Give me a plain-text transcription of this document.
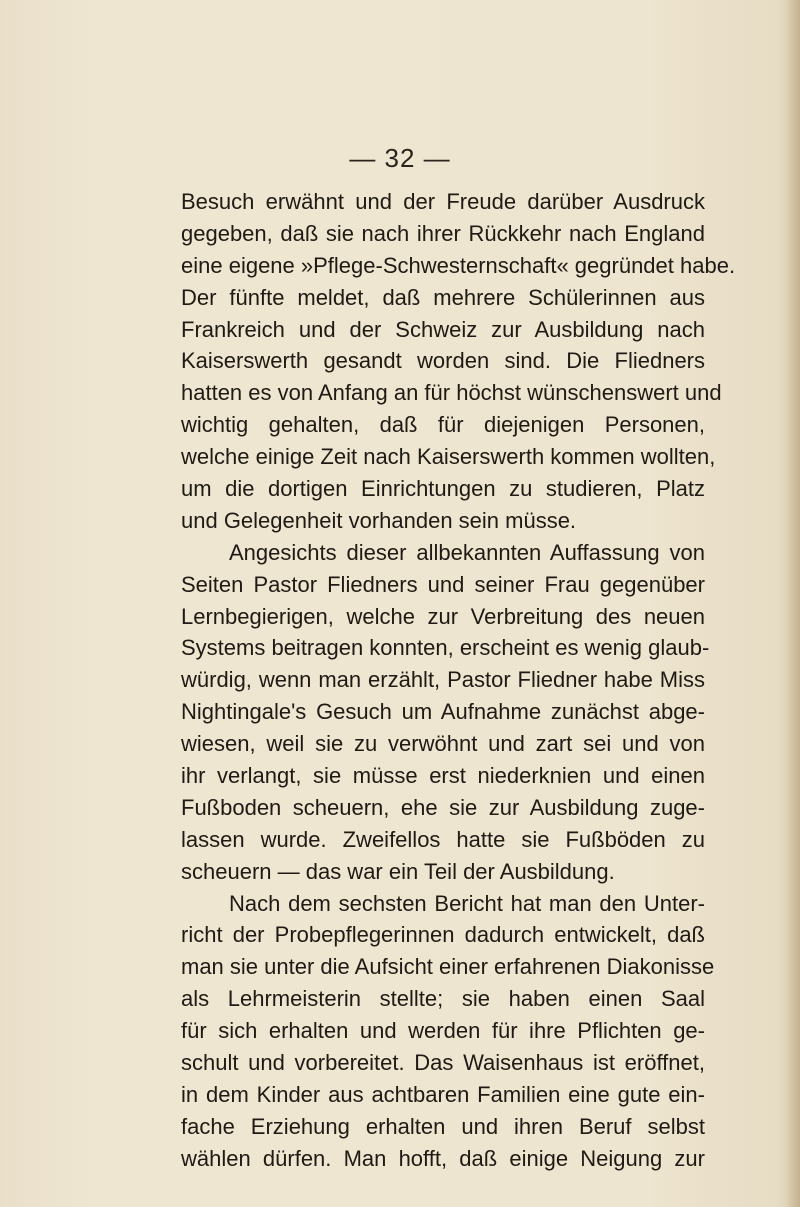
— 32 —
Besuch erwähnt und der Freude darüber Ausdruck
gegeben, daß sie nach ihrer Rückkehr nach England
eine eigene »Pflege-Schwesternschaft« gegründet habe.
Der fünfte meldet, daß mehrere Schülerinnen aus
Frankreich und der Schweiz zur Ausbildung nach
Kaiserswerth gesandt worden sind. Die Fliedners
hatten es von Anfang an für höchst wünschenswert und
wichtig gehalten, daß für diejenigen Personen,
welche einige Zeit nach Kaiserswerth kommen wollten,
um die dortigen Einrichtungen zu studieren, Platz
und Gelegenheit vorhanden sein müsse.
Angesichts dieser allbekannten Auffassung von
Seiten Pastor Fliedners und seiner Frau gegenüber
Lernbegierigen, welche zur Verbreitung des neuen
Systems beitragen konnten, erscheint es wenig glaub-
würdig, wenn man erzählt, Pastor Fliedner habe Miss
Nightingale's Gesuch um Aufnahme zunächst abge-
wiesen, weil sie zu verwöhnt und zart sei und von
ihr verlangt, sie müsse erst niederknien und einen
Fußboden scheuern, ehe sie zur Ausbildung zuge-
lassen wurde. Zweifellos hatte sie Fußböden zu
scheuern — das war ein Teil der Ausbildung.
Nach dem sechsten Bericht hat man den Unter-
richt der Probepflegerinnen dadurch entwickelt, daß
man sie unter die Aufsicht einer erfahrenen Diakonisse
als Lehrmeisterin stellte; sie haben einen Saal
für sich erhalten und werden für ihre Pflichten ge-
schult und vorbereitet. Das Waisenhaus ist eröffnet,
in dem Kinder aus achtbaren Familien eine gute ein-
fache Erziehung erhalten und ihren Beruf selbst
wählen dürfen. Man hofft, daß einige Neigung zur
